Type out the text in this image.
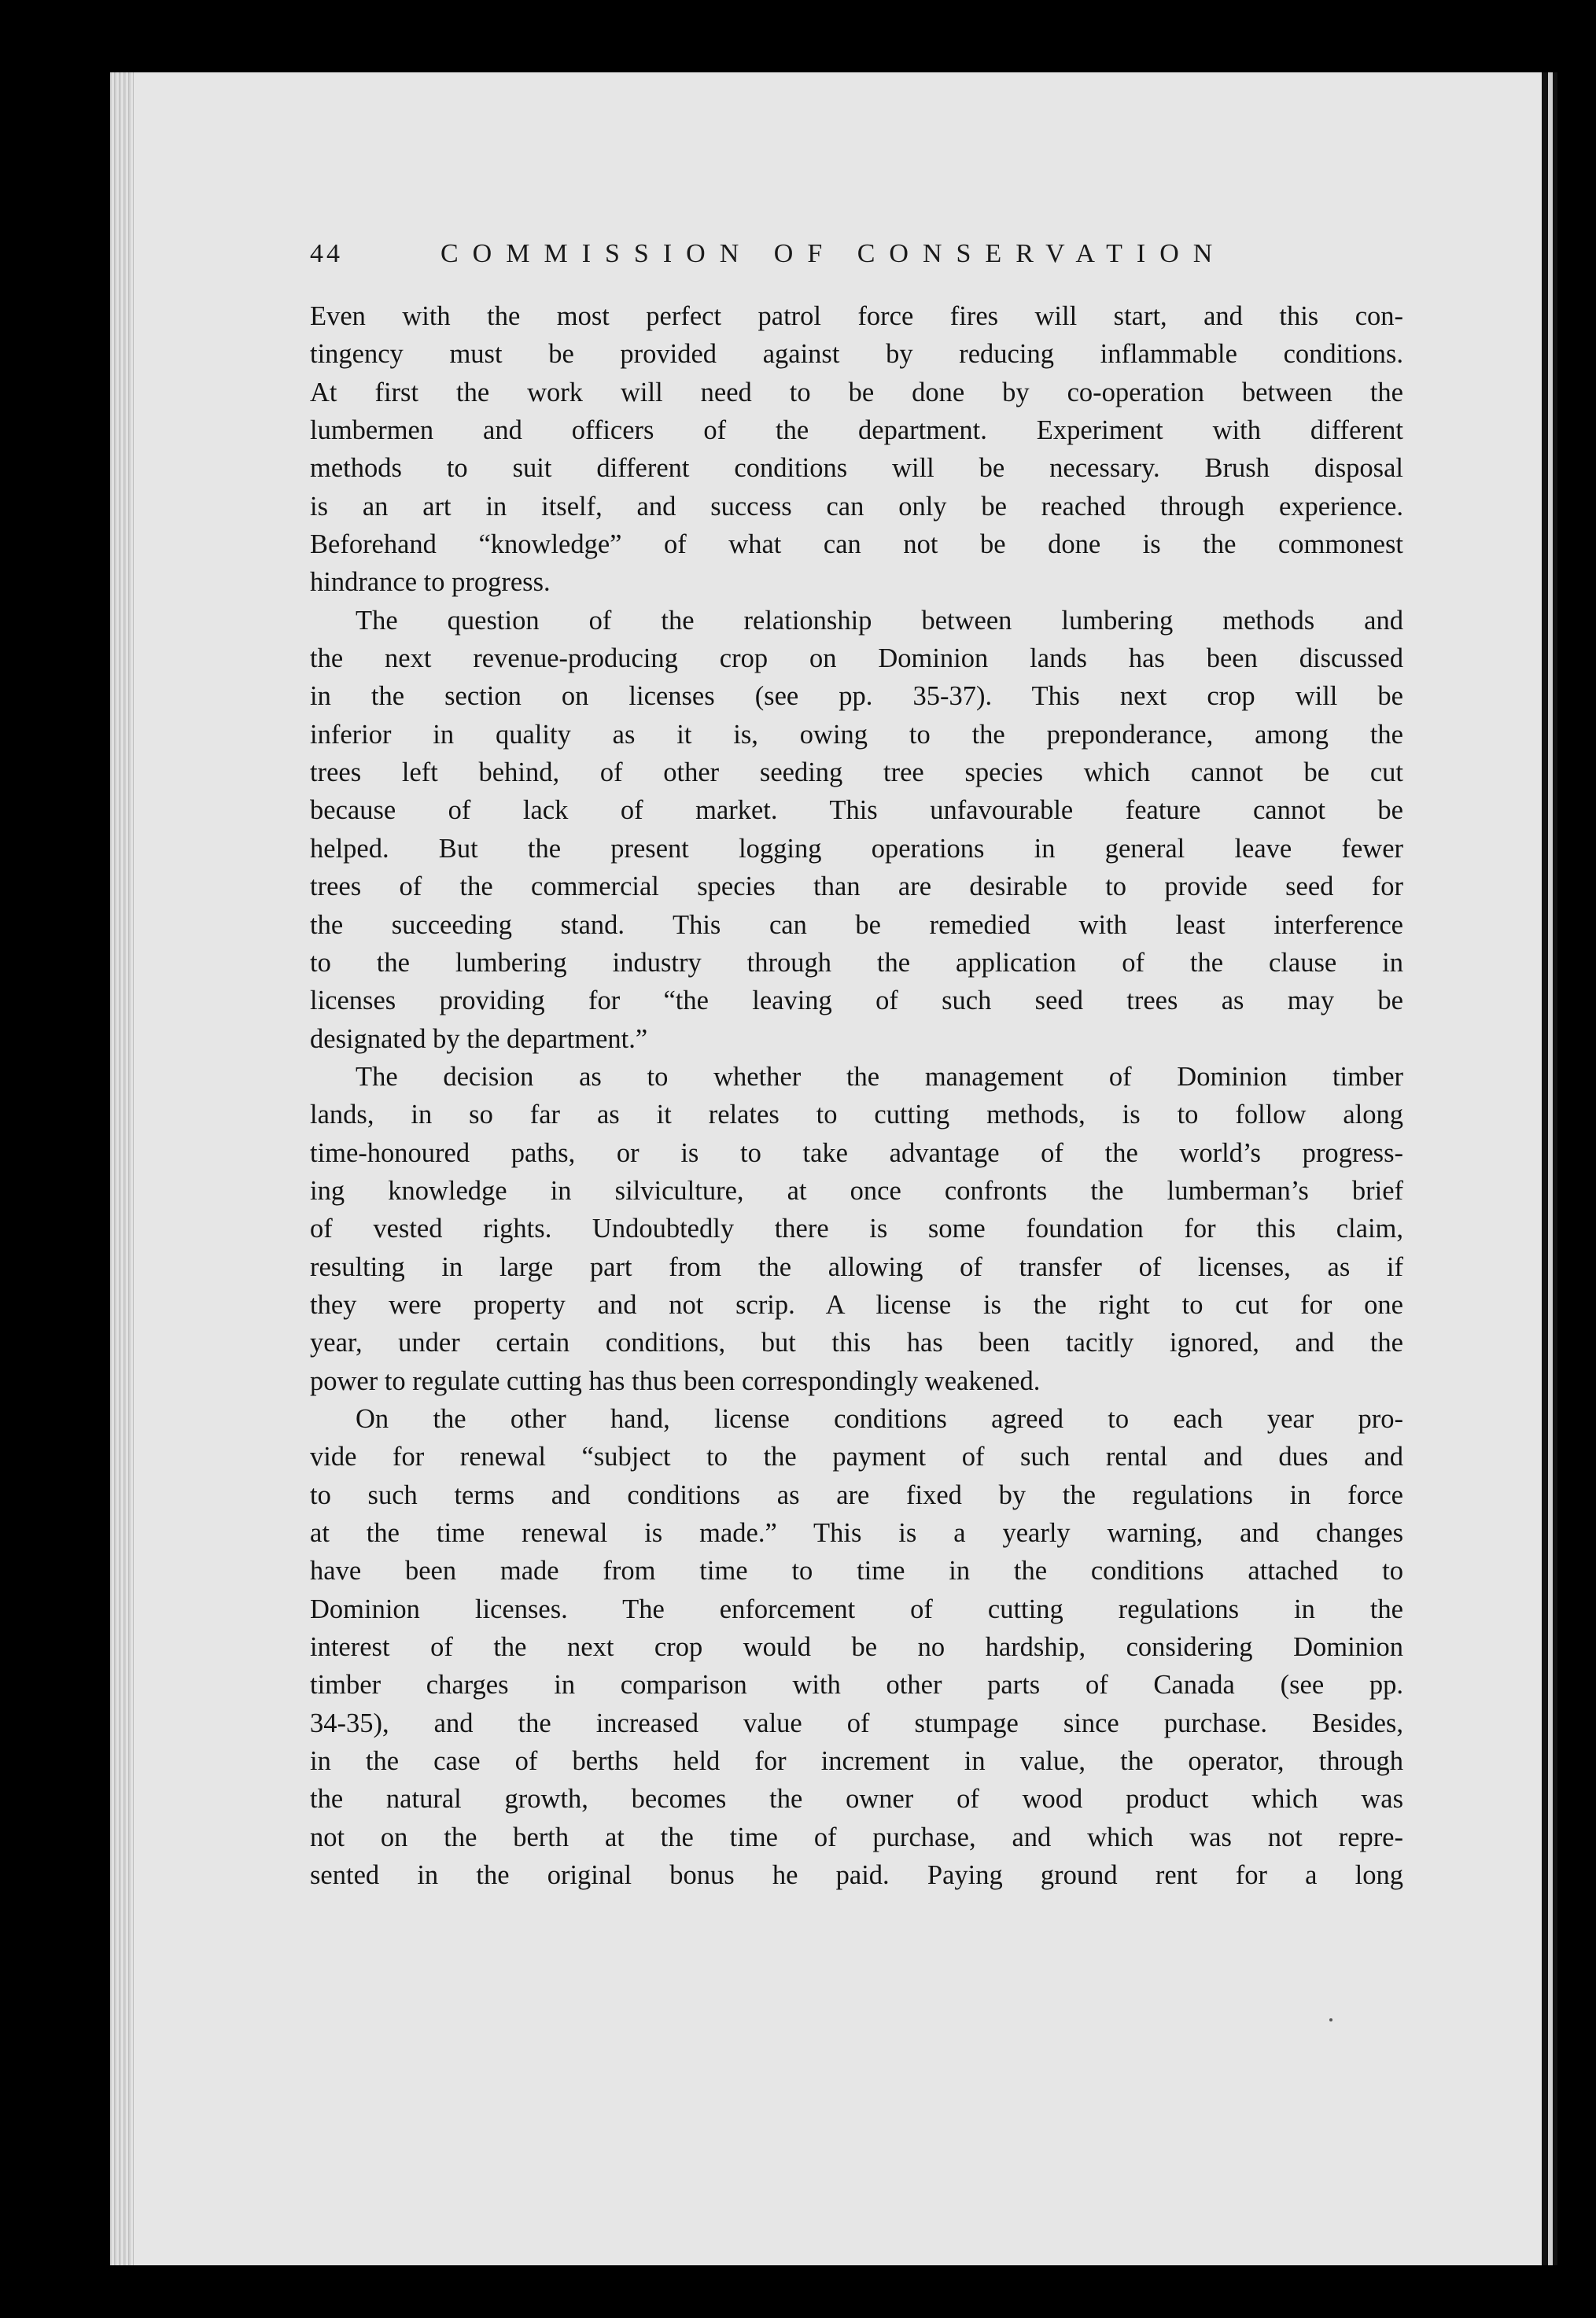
44	COMMISSION OF CONSERVATION

Even with the most perfect patrol force fires will start, and this con-
tingency must be provided against by reducing inflammable conditions.
At first the work will need to be done by co-operation between the
lumbermen and officers of the department. Experiment with different
methods to suit different conditions will be necessary. Brush disposal
is an art in itself, and success can only be reached through experience.
Beforehand “knowledge” of what can not be done is the commonest
hindrance to progress.

The question of the relationship between lumbering methods and
the next revenue-producing crop on Dominion lands has been discussed
in the section on licenses (see pp. 35-37). This next crop will be
inferior in quality as it is, owing to the preponderance, among the
trees left behind, of other seeding tree species which cannot be cut
because of lack of market. This unfavourable feature cannot be
helped. But the present logging operations in general leave fewer
trees of the commercial species than are desirable to provide seed for
the succeeding stand. This can be remedied with least interference
to the lumbering industry through the application of the clause in
licenses providing for “the leaving of such seed trees as may be
designated by the department.”

The decision as to whether the management of Dominion timber
lands, in so far as it relates to cutting methods, is to follow along
time-honoured paths, or is to take advantage of the world’s progress-
ing knowledge in silviculture, at once confronts the lumberman’s brief
of vested rights. Undoubtedly there is some foundation for this claim,
resulting in large part from the allowing of transfer of licenses, as if
they were property and not scrip. A license is the right to cut for one
year, under certain conditions, but this has been tacitly ignored, and the
power to regulate cutting has thus been correspondingly weakened.

On the other hand, license conditions agreed to each year pro-
vide for renewal “subject to the payment of such rental and dues and
to such terms and conditions as are fixed by the regulations in force
at the time renewal is made.” This is a yearly warning, and changes
have been made from time to time in the conditions attached to
Dominion licenses. The enforcement of cutting regulations in the
interest of the next crop would be no hardship, considering Dominion
timber charges in comparison with other parts of Canada (see pp.
34-35), and the increased value of stumpage since purchase. Besides,
in the case of berths held for increment in value, the operator, through
the natural growth, becomes the owner of wood product which was
not on the berth at the time of purchase, and which was not repre-
sented in the original bonus he paid. Paying ground rent for a long
